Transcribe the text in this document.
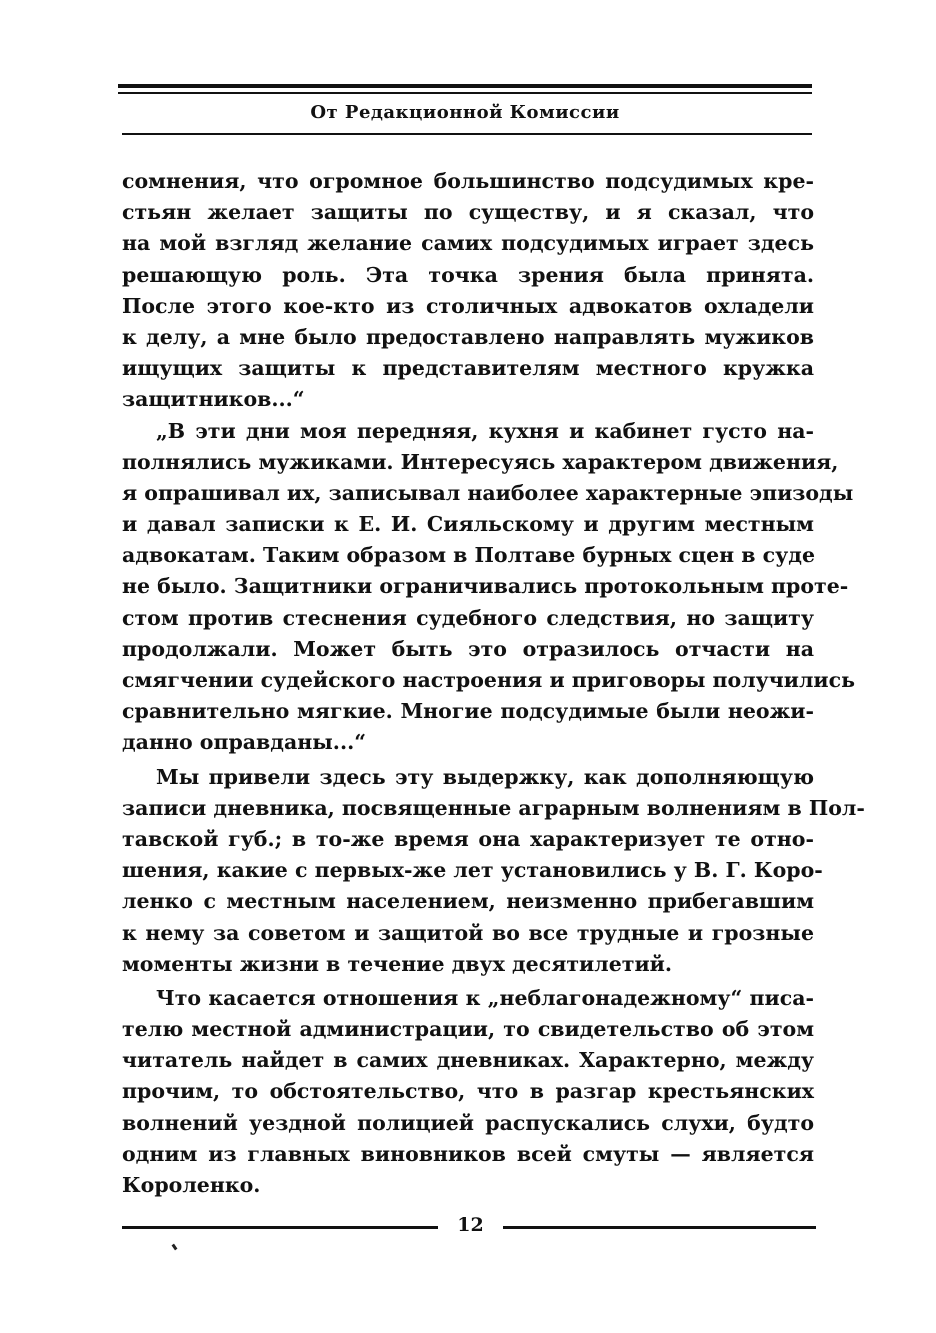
От Редакционной Комиссии
сомнения, что огромное большинство подсудимых кре-
стьян желает защиты по существу, и я сказал, что
на мой взгляд желание самих подсудимых играет здесь
решающую роль. Эта точка зрения была принята.
После этого кое-кто из столичных адвокатов охладели
к делу, а мне было предоставлено направлять мужиков
ищущих защиты к представителям местного кружка
защитников...“
„В эти дни моя передняя, кухня и кабинет густо на-
полнялись мужиками. Интересуясь характером движения,
я опрашивал их, записывал наиболее характерные эпизоды
и давал записки к Е. И. Сияльскому и другим местным
адвокатам. Таким образом в Полтаве бурных сцен в суде
не было. Защитники ограничивались протокольным проте-
стом против стеснения судебного следствия, но защиту
продолжали. Может быть это отразилось отчасти на
смягчении судейского настроения и приговоры получились
сравнительно мягкие. Многие подсудимые были неожи-
данно оправданы...“
Мы привели здесь эту выдержку, как дополняющую
записи дневника, посвященные аграрным волнениям в Пол-
тавской губ.; в то-же время она характеризует те отно-
шения, какие с первых-же лет установились у В. Г. Коро-
ленко с местным населением, неизменно прибегавшим
к нему за советом и защитой во все трудные и грозные
моменты жизни в течение двух десятилетий.
Что касается отношения к „неблагонадежному“ писа-
телю местной администрации, то свидетельство об этом
читатель найдет в самих дневниках. Характерно, между
прочим, то обстоятельство, что в разгар крестьянских
волнений уездной полицией распускались слухи, будто
одним из главных виновников всей смуты — является
Короленко.
12
